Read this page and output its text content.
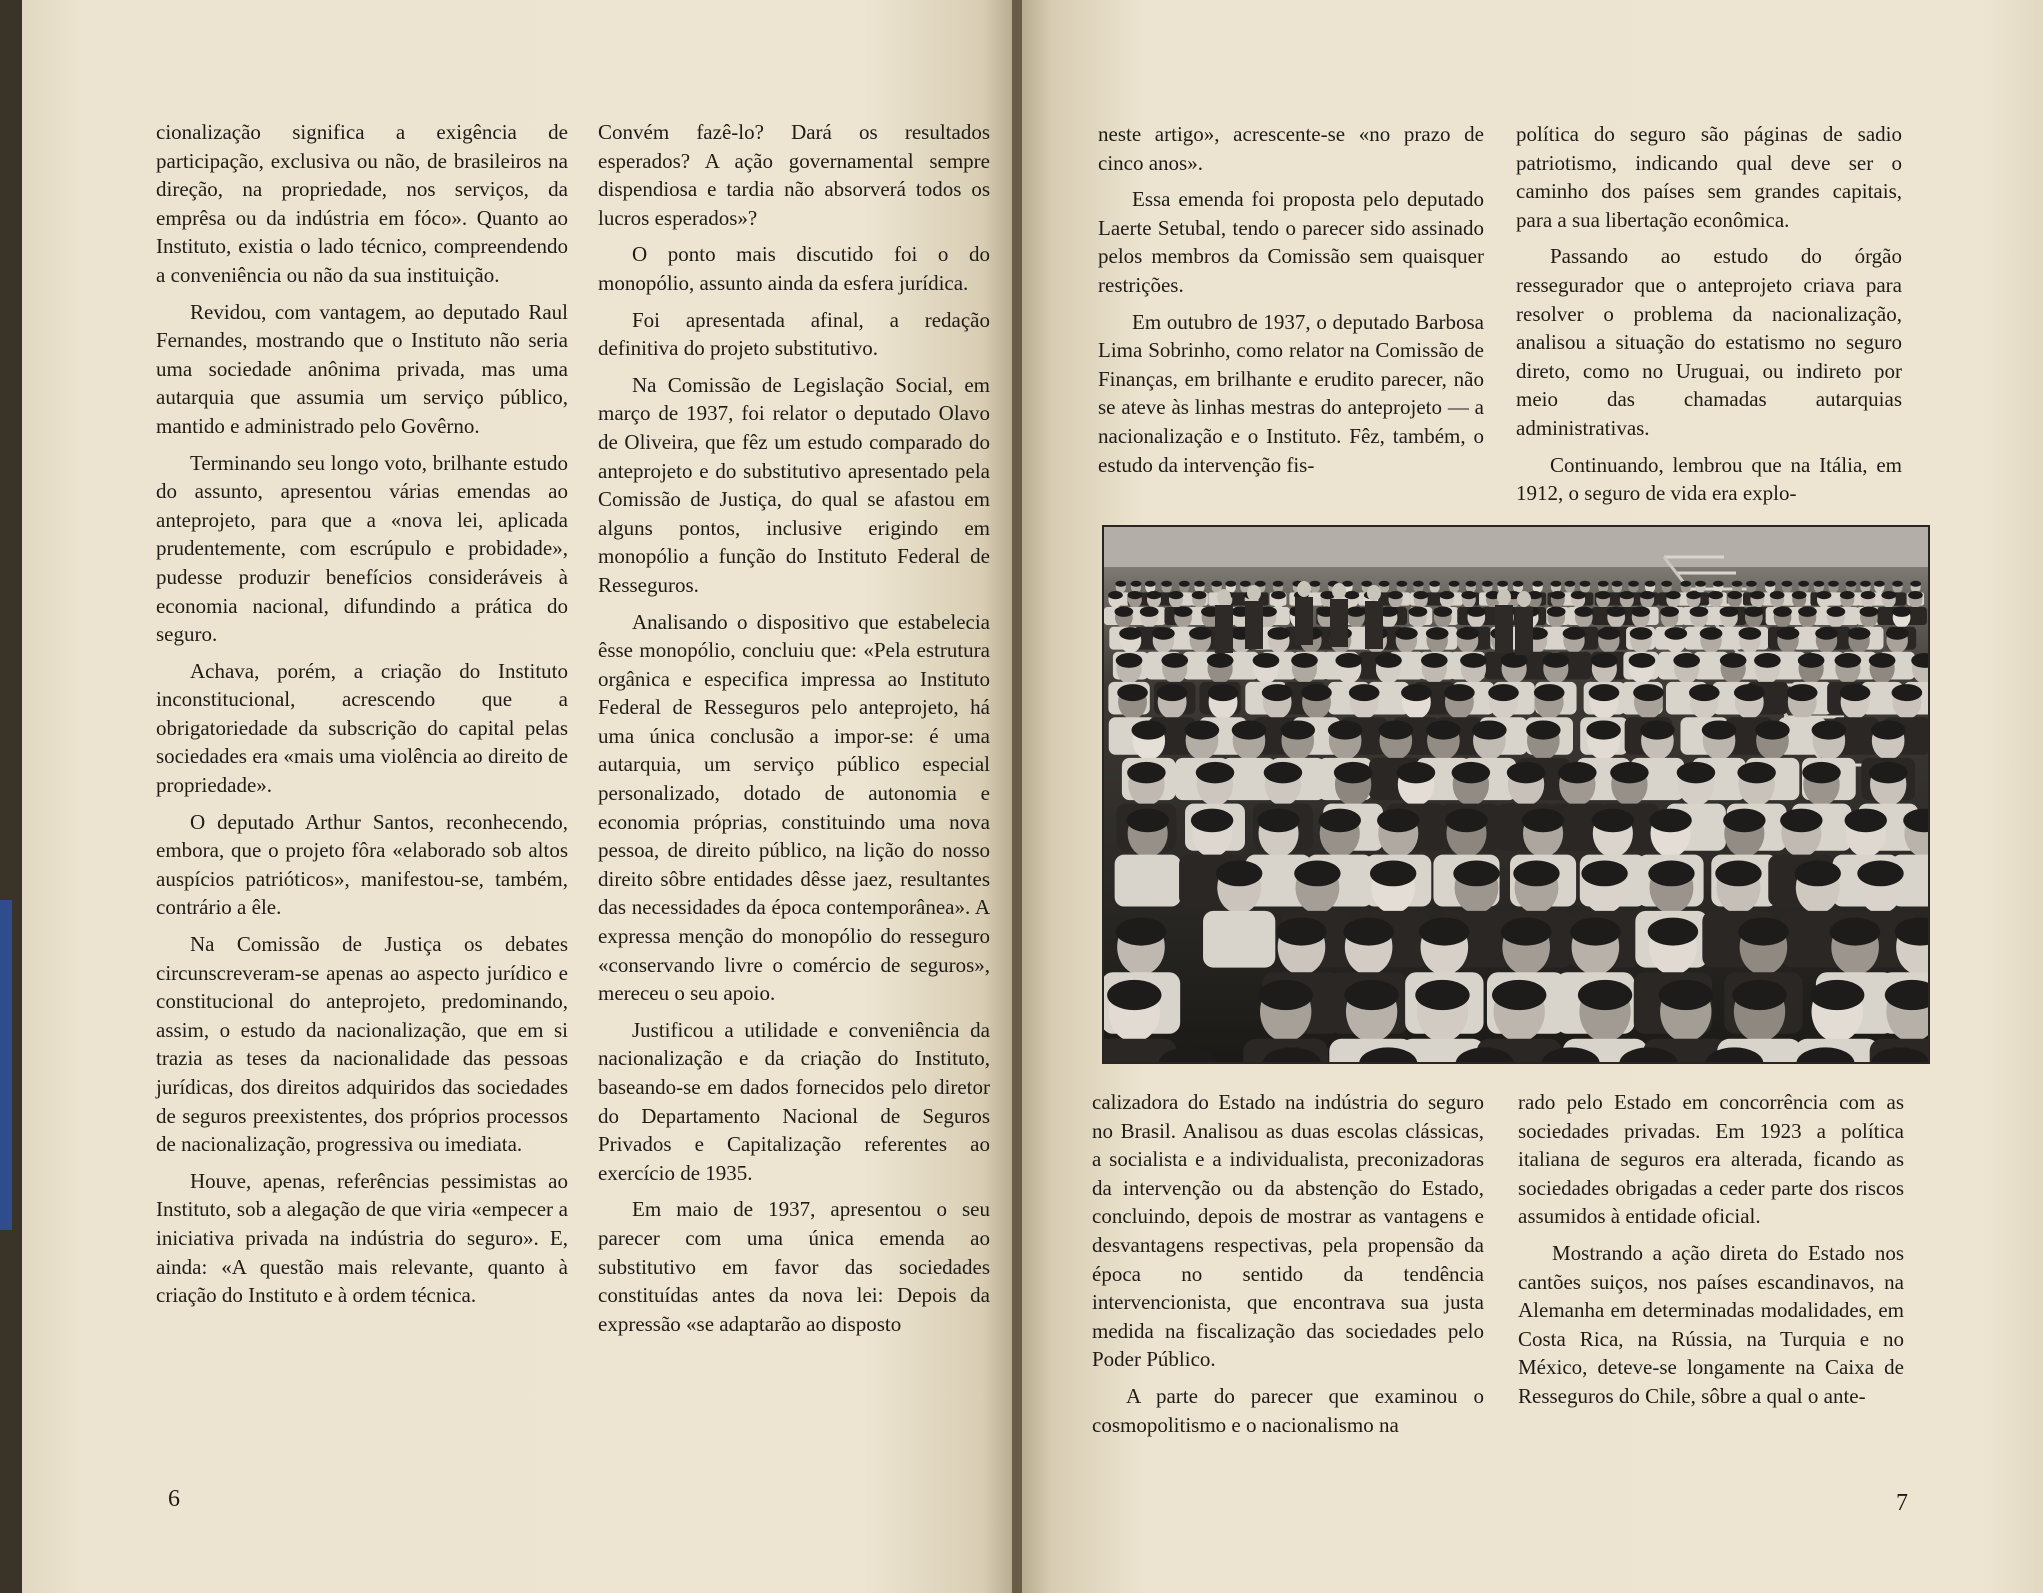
cionalização significa a exigência de participação, exclusiva ou não, de brasileiros na direção, na propriedade, nos serviços, da emprêsa ou da indústria em fóco». Quanto ao Instituto, existia o lado técnico, compreendendo a conveniência ou não da sua instituição.

Revidou, com vantagem, ao deputado Raul Fernandes, mostrando que o Instituto não seria uma sociedade anônima privada, mas uma autarquia que assumia um serviço público, mantido e administrado pelo Govêrno.

Terminando seu longo voto, brilhante estudo do assunto, apresentou várias emendas ao anteprojeto, para que a «nova lei, aplicada prudentemente, com escrúpulo e probidade», pudesse produzir benefícios consideráveis à economia nacional, difundindo a prática do seguro.

Achava, porém, a criação do Instituto inconstitucional, acrescendo que a obrigatoriedade da subscrição do capital pelas sociedades era «mais uma violência ao direito de propriedade».

O deputado Arthur Santos, reconhecendo, embora, que o projeto fôra «elaborado sob altos auspícios patrióticos», manifestou-se, também, contrário a êle.

Na Comissão de Justiça os debates circunscreveram-se apenas ao aspecto jurídico e constitucional do anteprojeto, predominando, assim, o estudo da nacionalização, que em si trazia as teses da nacionalidade das pessoas jurídicas, dos direitos adquiridos das sociedades de seguros preexistentes, dos próprios processos de nacionalização, progressiva ou imediata.

Houve, apenas, referências pessimistas ao Instituto, sob a alegação de que viria «empecer a iniciativa privada na indústria do seguro». E, ainda: «A questão mais relevante, quanto à criação do Instituto e à ordem técnica.

Convém fazê-lo? Dará os resultados esperados? A ação governamental sempre dispendiosa e tardia não absorverá todos os lucros esperados»?

O ponto mais discutido foi o do monopólio, assunto ainda da esfera jurídica.

Foi apresentada afinal, a redação definitiva do projeto substitutivo.

Na Comissão de Legislação Social, em março de 1937, foi relator o deputado Olavo de Oliveira, que fêz um estudo comparado do anteprojeto e do substitutivo apresentado pela Comissão de Justiça, do qual se afastou em alguns pontos, inclusive erigindo em monopólio a função do Instituto Federal de Resseguros.

Analisando o dispositivo que estabelecia êsse monopólio, concluiu que: «Pela estrutura orgânica e especifica impressa ao Instituto Federal de Resseguros pelo anteprojeto, há uma única conclusão a impor-se: é uma autarquia, um serviço público especial personalizado, dotado de autonomia e economia próprias, constituindo uma nova pessoa, de direito público, na lição do nosso direito sôbre entidades dêsse jaez, resultantes das necessidades da época contemporânea». A expressa menção do monopólio do resseguro «conservando livre o comércio de seguros», mereceu o seu apoio.

Justificou a utilidade e conveniência da nacionalização e da criação do Instituto, baseando-se em dados fornecidos pelo diretor do Departamento Nacional de Seguros Privados e Capitalização referentes ao exercício de 1935.

Em maio de 1937, apresentou o seu parecer com uma única emenda ao substitutivo em favor das sociedades constituídas antes da nova lei: Depois da expressão «se adaptarão ao disposto

neste artigo», acrescente-se «no prazo de cinco anos».

Essa emenda foi proposta pelo deputado Laerte Setubal, tendo o parecer sido assinado pelos membros da Comissão sem quaisquer restrições.

Em outubro de 1937, o deputado Barbosa Lima Sobrinho, como relator na Comissão de Finanças, em brilhante e erudito parecer, não se ateve às linhas mestras do anteprojeto — a nacionalização e o Instituto. Fêz, também, o estudo da intervenção fis-

política do seguro são páginas de sadio patriotismo, indicando qual deve ser o caminho dos países sem grandes capitais, para a sua libertação econômica.

Passando ao estudo do órgão ressegurador que o anteprojeto criava para resolver o problema da nacionalização, analisou a situação do estatismo no seguro direto, como no Uruguai, ou indireto por meio das chamadas autarquias administrativas.

Continuando, lembrou que na Itália, em 1912, o seguro de vida era explo-

calizadora do Estado na indústria do seguro no Brasil. Analisou as duas escolas clássicas, a socialista e a individualista, preconizadoras da intervenção ou da abstenção do Estado, concluindo, depois de mostrar as vantagens e desvantagens respectivas, pela propensão da época no sentido da tendência intervencionista, que encontrava sua justa medida na fiscalização das sociedades pelo Poder Público.

A parte do parecer que examinou o cosmopolitismo e o nacionalismo na

rado pelo Estado em concorrência com as sociedades privadas. Em 1923 a política italiana de seguros era alterada, ficando as sociedades obrigadas a ceder parte dos riscos assumidos à entidade oficial.

Mostrando a ação direta do Estado nos cantões suiços, nos países escandinavos, na Alemanha em determinadas modalidades, em Costa Rica, na Rússia, na Turquia e no México, deteve-se longamente na Caixa de Resseguros do Chile, sôbre a qual o ante-

6	7
